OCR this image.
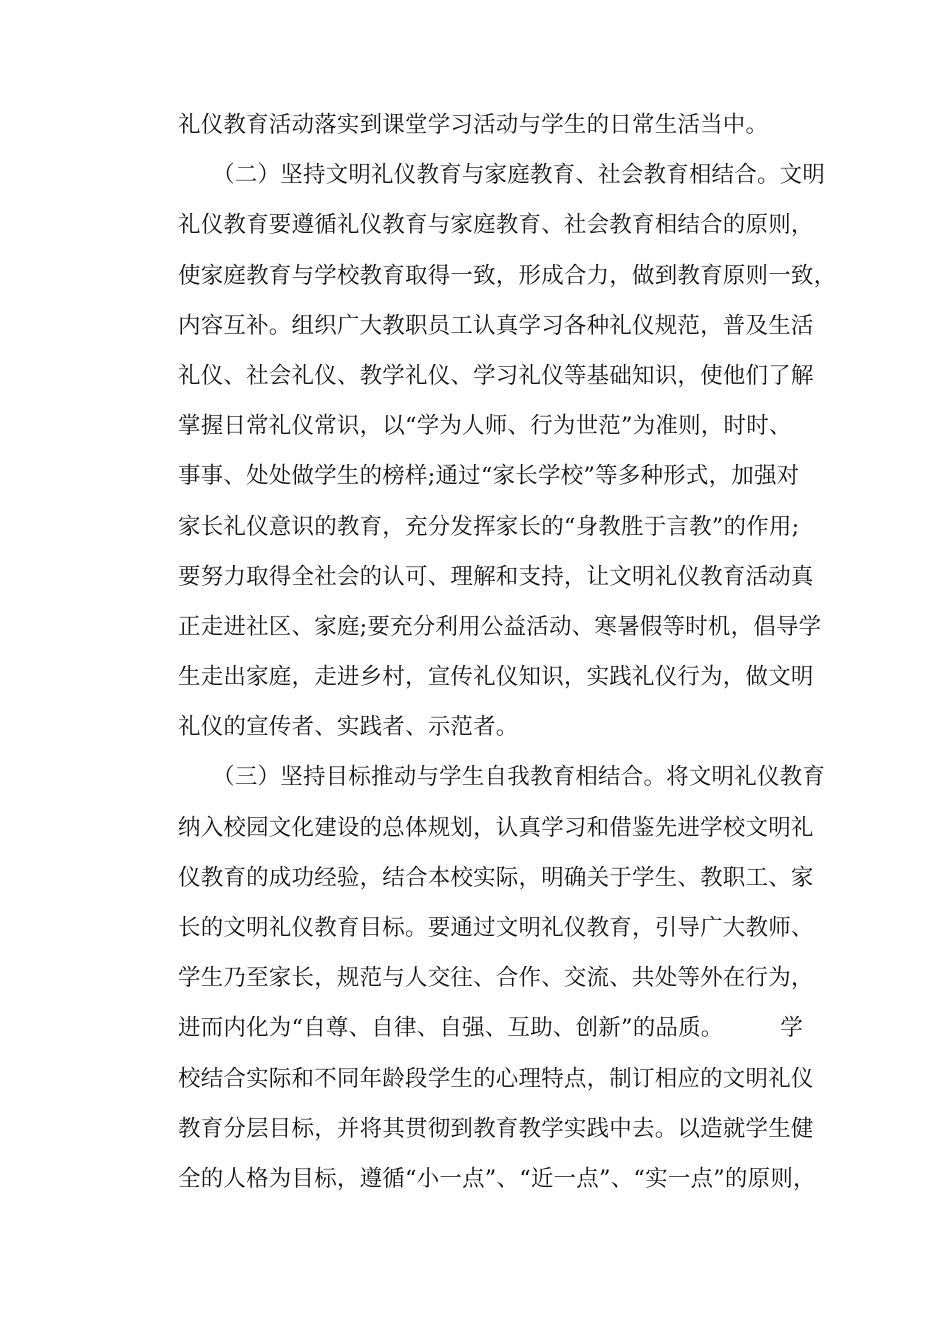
礼仪教育活动落实到课堂学习活动与学生的日常生活当中。
　　（二）坚持文明礼仪教育与家庭教育、社会教育相结合。文明
礼仪教育要遵循礼仪教育与家庭教育、社会教育相结合的原则，
使家庭教育与学校教育取得一致，形成合力，做到教育原则一致，
内容互补。组织广大教职员工认真学习各种礼仪规范，普及生活
礼仪、社会礼仪、教学礼仪、学习礼仪等基础知识，使他们了解
掌握日常礼仪常识，以“学为人师、行为世范”为准则，时时、
事事、处处做学生的榜样;通过“家长学校”等多种形式，加强对
家长礼仪意识的教育，充分发挥家长的“身教胜于言教”的作用;
要努力取得全社会的认可、理解和支持，让文明礼仪教育活动真
正走进社区、家庭;要充分利用公益活动、寒暑假等时机，倡导学
生走出家庭，走进乡村，宣传礼仪知识，实践礼仪行为，做文明
礼仪的宣传者、实践者、示范者。
　　（三）坚持目标推动与学生自我教育相结合。将文明礼仪教育
纳入校园文化建设的总体规划，认真学习和借鉴先进学校文明礼
仪教育的成功经验，结合本校实际，明确关于学生、教职工、家
长的文明礼仪教育目标。要通过文明礼仪教育，引导广大教师、
学生乃至家长，规范与人交往、合作、交流、共处等外在行为，
进而内化为“自尊、自律、自强、互助、创新”的品质。　　　学
校结合实际和不同年龄段学生的心理特点，制订相应的文明礼仪
教育分层目标，并将其贯彻到教育教学实践中去。以造就学生健
全的人格为目标，遵循“小一点”、“近一点”、“实一点”的原则，
